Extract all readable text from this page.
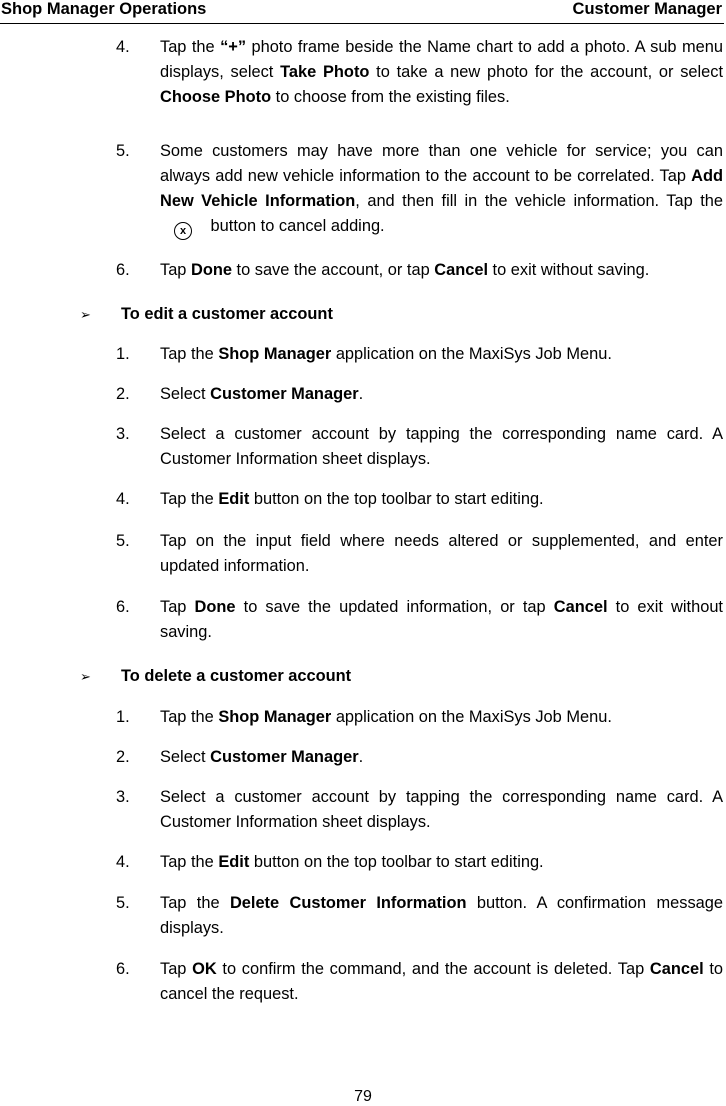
Shop Manager Operations	Customer Manager
4. Tap the “+” photo frame beside the Name chart to add a photo. A sub menu displays, select Take Photo to take a new photo for the account, or select Choose Photo to choose from the existing files.
5. Some customers may have more than one vehicle for service; you can always add new vehicle information to the account to be correlated. Tap Add New Vehicle Information, and then fill in the vehicle information. Tap the x button to cancel adding.
6. Tap Done to save the account, or tap Cancel to exit without saving.
➢ To edit a customer account
1. Tap the Shop Manager application on the MaxiSys Job Menu.
2. Select Customer Manager.
3. Select a customer account by tapping the corresponding name card. A Customer Information sheet displays.
4. Tap the Edit button on the top toolbar to start editing.
5. Tap on the input field where needs altered or supplemented, and enter updated information.
6. Tap Done to save the updated information, or tap Cancel to exit without saving.
➢ To delete a customer account
1. Tap the Shop Manager application on the MaxiSys Job Menu.
2. Select Customer Manager.
3. Select a customer account by tapping the corresponding name card. A Customer Information sheet displays.
4. Tap the Edit button on the top toolbar to start editing.
5. Tap the Delete Customer Information button. A confirmation message displays.
6. Tap OK to confirm the command, and the account is deleted. Tap Cancel to cancel the request.
79
